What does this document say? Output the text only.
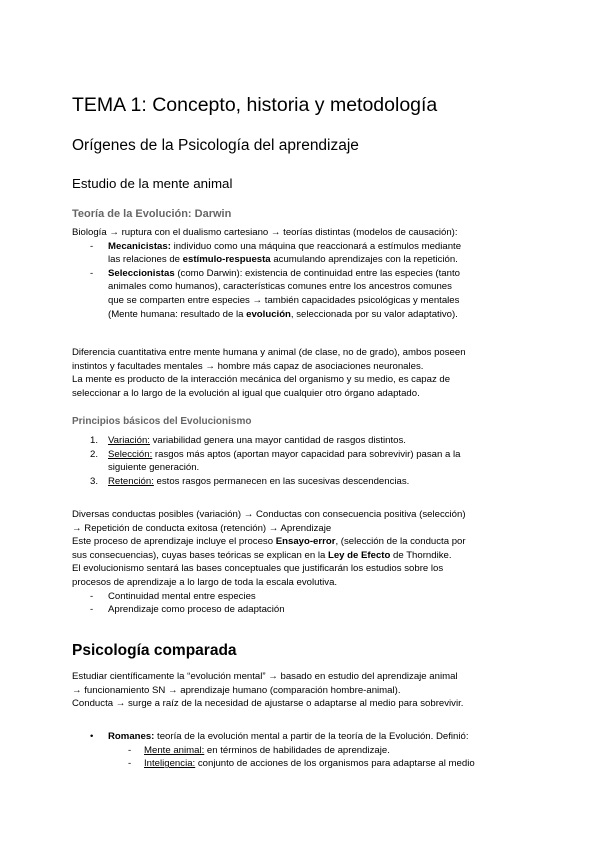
TEMA 1: Concepto, historia y metodología
Orígenes de la Psicología del aprendizaje
Estudio de la mente animal
Teoría de la Evolución: Darwin
Biología → ruptura con el dualismo cartesiano → teorías distintas (modelos de causación):
- Mecanicistas: individuo como una máquina que reaccionará a estímulos mediante
las relaciones de estímulo-respuesta acumulando aprendizajes con la repetición.
- Seleccionistas (como Darwin): existencia de continuidad entre las especies (tanto
animales como humanos), características comunes entre los ancestros comunes
que se comparten entre especies → también capacidades psicológicas y mentales
(Mente humana: resultado de la evolución, seleccionada por su valor adaptativo).
Diferencia cuantitativa entre mente humana y animal (de clase, no de grado), ambos poseen
instintos y facultades mentales → hombre más capaz de asociaciones neuronales.
La mente es producto de la interacción mecánica del organismo y su medio, es capaz de
seleccionar a lo largo de la evolución al igual que cualquier otro órgano adaptado.
Principios básicos del Evolucionismo
1. Variación: variabilidad genera una mayor cantidad de rasgos distintos.
2. Selección: rasgos más aptos (aportan mayor capacidad para sobrevivir) pasan a la
siguiente generación.
3. Retención: estos rasgos permanecen en las sucesivas descendencias.
Diversas conductas posibles (variación) → Conductas con consecuencia positiva (selección)
→ Repetición de conducta exitosa (retención) → Aprendizaje
Este proceso de aprendizaje incluye el proceso Ensayo-error, (selección de la conducta por
sus consecuencias), cuyas bases teóricas se explican en la Ley de Efecto de Thorndike.
El evolucionismo sentará las bases conceptuales que justificarán los estudios sobre los
procesos de aprendizaje a lo largo de toda la escala evolutiva.
- Continuidad mental entre especies
- Aprendizaje como proceso de adaptación
Psicología comparada
Estudiar científicamente la “evolución mental” → basado en estudio del aprendizaje animal
→ funcionamiento SN → aprendizaje humano (comparación hombre-animal).
Conducta → surge a raíz de la necesidad de ajustarse o adaptarse al medio para sobrevivir.
• Romanes: teoría de la evolución mental a partir de la teoría de la Evolución. Definió:
- Mente animal: en términos de habilidades de aprendizaje.
- Inteligencia: conjunto de acciones de los organismos para adaptarse al medio
